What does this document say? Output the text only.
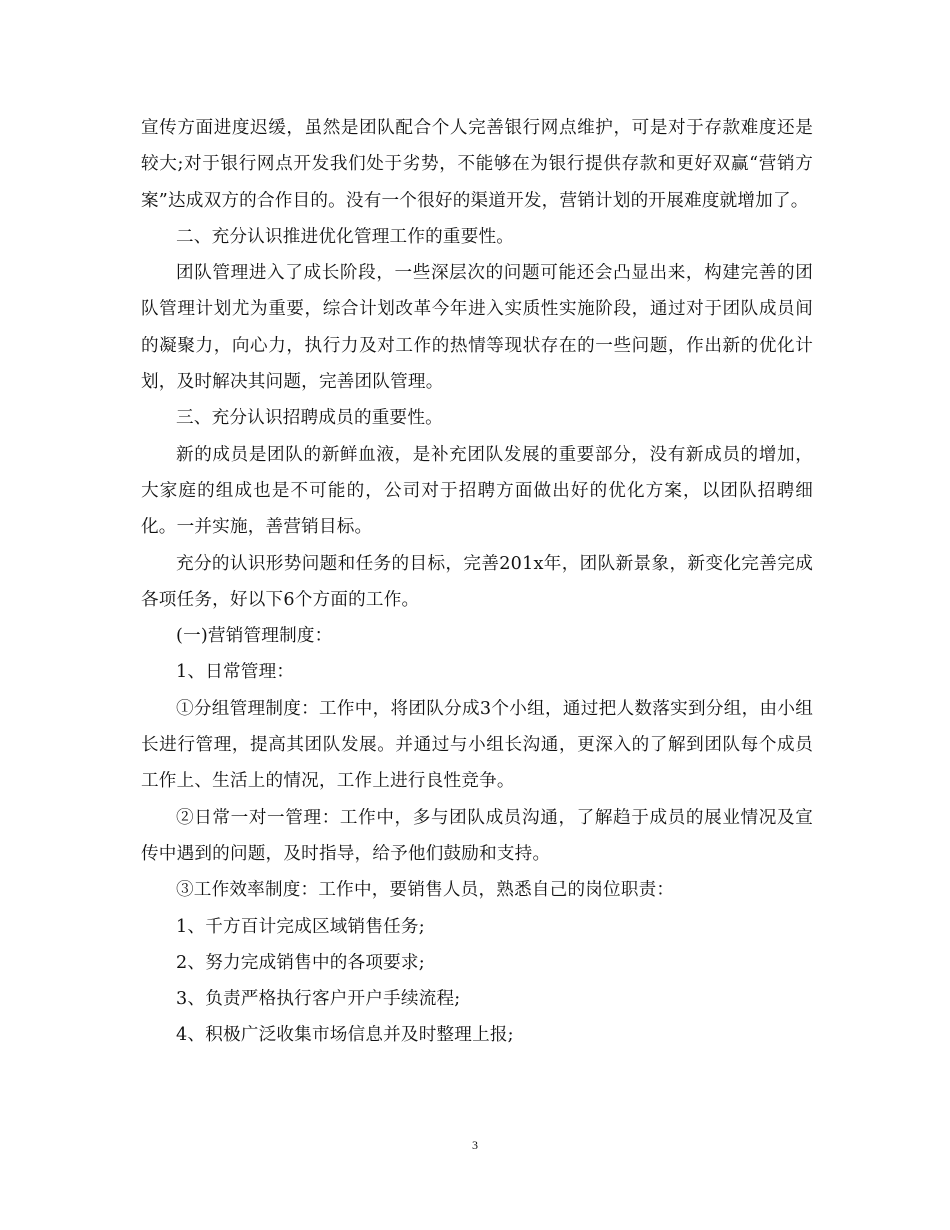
宣传方面进度迟缓，虽然是团队配合个人完善银行网点维护，可是对于存款难度还是较大;对于银行网点开发我们处于劣势，不能够在为银行提供存款和更好双赢“营销方案”达成双方的合作目的。没有一个很好的渠道开发，营销计划的开展难度就增加了。

二、充分认识推进优化管理工作的重要性。

团队管理进入了成长阶段，一些深层次的问题可能还会凸显出来，构建完善的团队管理计划尤为重要，综合计划改革今年进入实质性实施阶段，通过对于团队成员间的凝聚力，向心力，执行力及对工作的热情等现状存在的一些问题，作出新的优化计划，及时解决其问题，完善团队管理。

三、充分认识招聘成员的重要性。

新的成员是团队的新鲜血液，是补充团队发展的重要部分，没有新成员的增加，大家庭的组成也是不可能的，公司对于招聘方面做出好的优化方案，以团队招聘细化。一并实施，善营销目标。

充分的认识形势问题和任务的目标，完善201x年，团队新景象，新变化完善完成各项任务，好以下6个方面的工作。

(一)营销管理制度：

1、日常管理：

①分组管理制度：工作中，将团队分成3个小组，通过把人数落实到分组，由小组长进行管理，提高其团队发展。并通过与小组长沟通，更深入的了解到团队每个成员工作上、生活上的情况，工作上进行良性竞争。

②日常一对一管理：工作中，多与团队成员沟通，了解趋于成员的展业情况及宣传中遇到的问题，及时指导，给予他们鼓励和支持。

③工作效率制度：工作中，要销售人员，熟悉自己的岗位职责：

1、千方百计完成区域销售任务;

2、努力完成销售中的各项要求;

3、负责严格执行客户开户手续流程;

4、积极广泛收集市场信息并及时整理上报;

3
